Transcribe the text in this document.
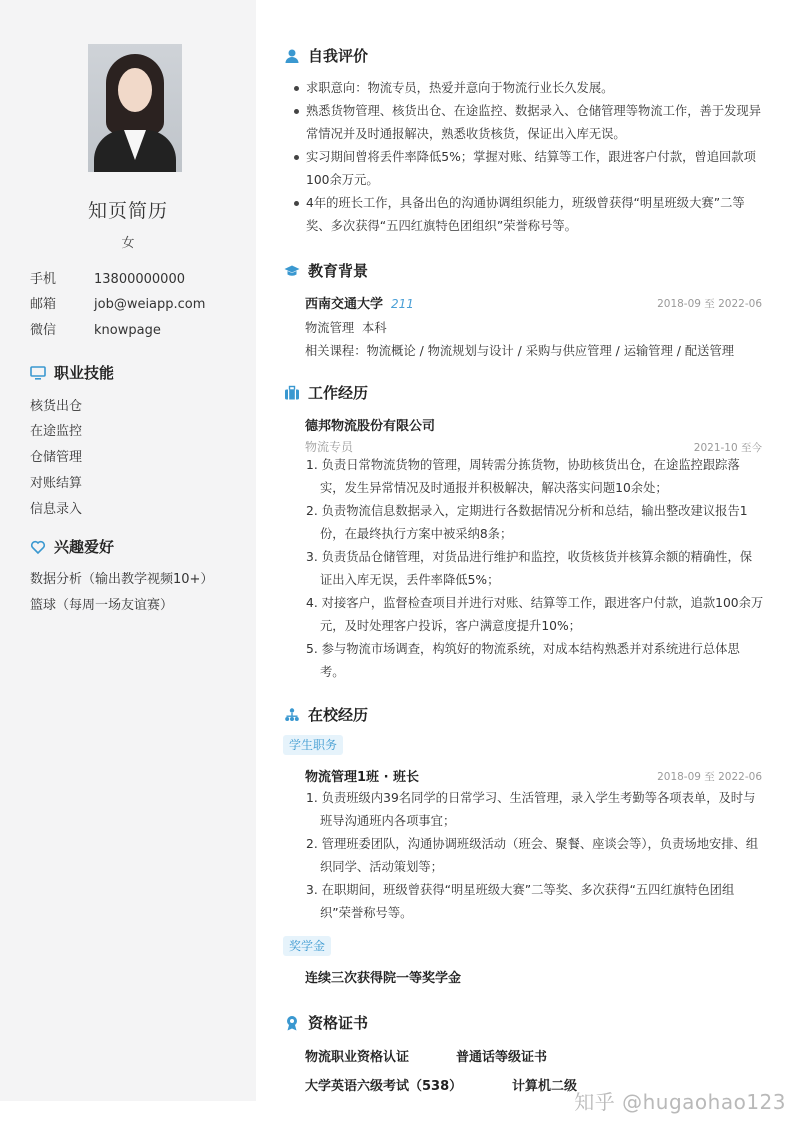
知页简历
女
手机	13800000000
邮箱	job@weiapp.com
微信	knowpage
职业技能
核货出仓
在途监控
仓储管理
对账结算
信息录入
兴趣爱好
数据分析（输出教学视频10+）
篮球（每周一场友谊赛）
自我评价
求职意向：物流专员，热爱并意向于物流行业长久发展。
熟悉货物管理、核货出仓、在途监控、数据录入、仓储管理等物流工作，善于发现异常情况并及时通报解决，熟悉收货核货，保证出入库无误。
实习期间曾将丢件率降低5%；掌握对账、结算等工作，跟进客户付款，曾追回款项100余万元。
4年的班长工作，具备出色的沟通协调组织能力，班级曾获得“明星班级大赛”二等奖、多次获得“五四红旗特色团组织”荣誉称号等。
教育背景
西南交通大学 211	2018-09 至 2022-06
物流管理 本科
相关课程：物流概论 / 物流规划与设计 / 采购与供应管理 / 运输管理 / 配送管理
工作经历
德邦物流股份有限公司
物流专员	2021-10 至今
1. 负责日常物流货物的管理，周转需分拣货物，协助核货出仓，在途监控跟踪落实，发生异常情况及时通报并积极解决，解决落实问题10余处；
2. 负责物流信息数据录入，定期进行各数据情况分析和总结，输出整改建议报告1份，在最终执行方案中被采纳8条；
3. 负责货品仓储管理，对货品进行维护和监控，收货核货并核算余额的精确性，保证出入库无误，丢件率降低5%；
4. 对接客户，监督检查项目并进行对账、结算等工作，跟进客户付款，追款100余万元，及时处理客户投诉，客户满意度提升10%；
5. 参与物流市场调查，构筑好的物流系统，对成本结构熟悉并对系统进行总体思考。
在校经历
学生职务
物流管理1班 · 班长	2018-09 至 2022-06
1. 负责班级内39名同学的日常学习、生活管理，录入学生考勤等各项表单，及时与班导沟通班内各项事宜；
2. 管理班委团队，沟通协调班级活动（班会、聚餐、座谈会等），负责场地安排、组织同学、活动策划等；
3. 在职期间，班级曾获得“明星班级大赛”二等奖、多次获得“五四红旗特色团组织”荣誉称号等。
奖学金
连续三次获得院一等奖学金
资格证书
物流职业资格认证	普通话等级证书
大学英语六级考试（538）	计算机二级
知乎 @hugaohao123
